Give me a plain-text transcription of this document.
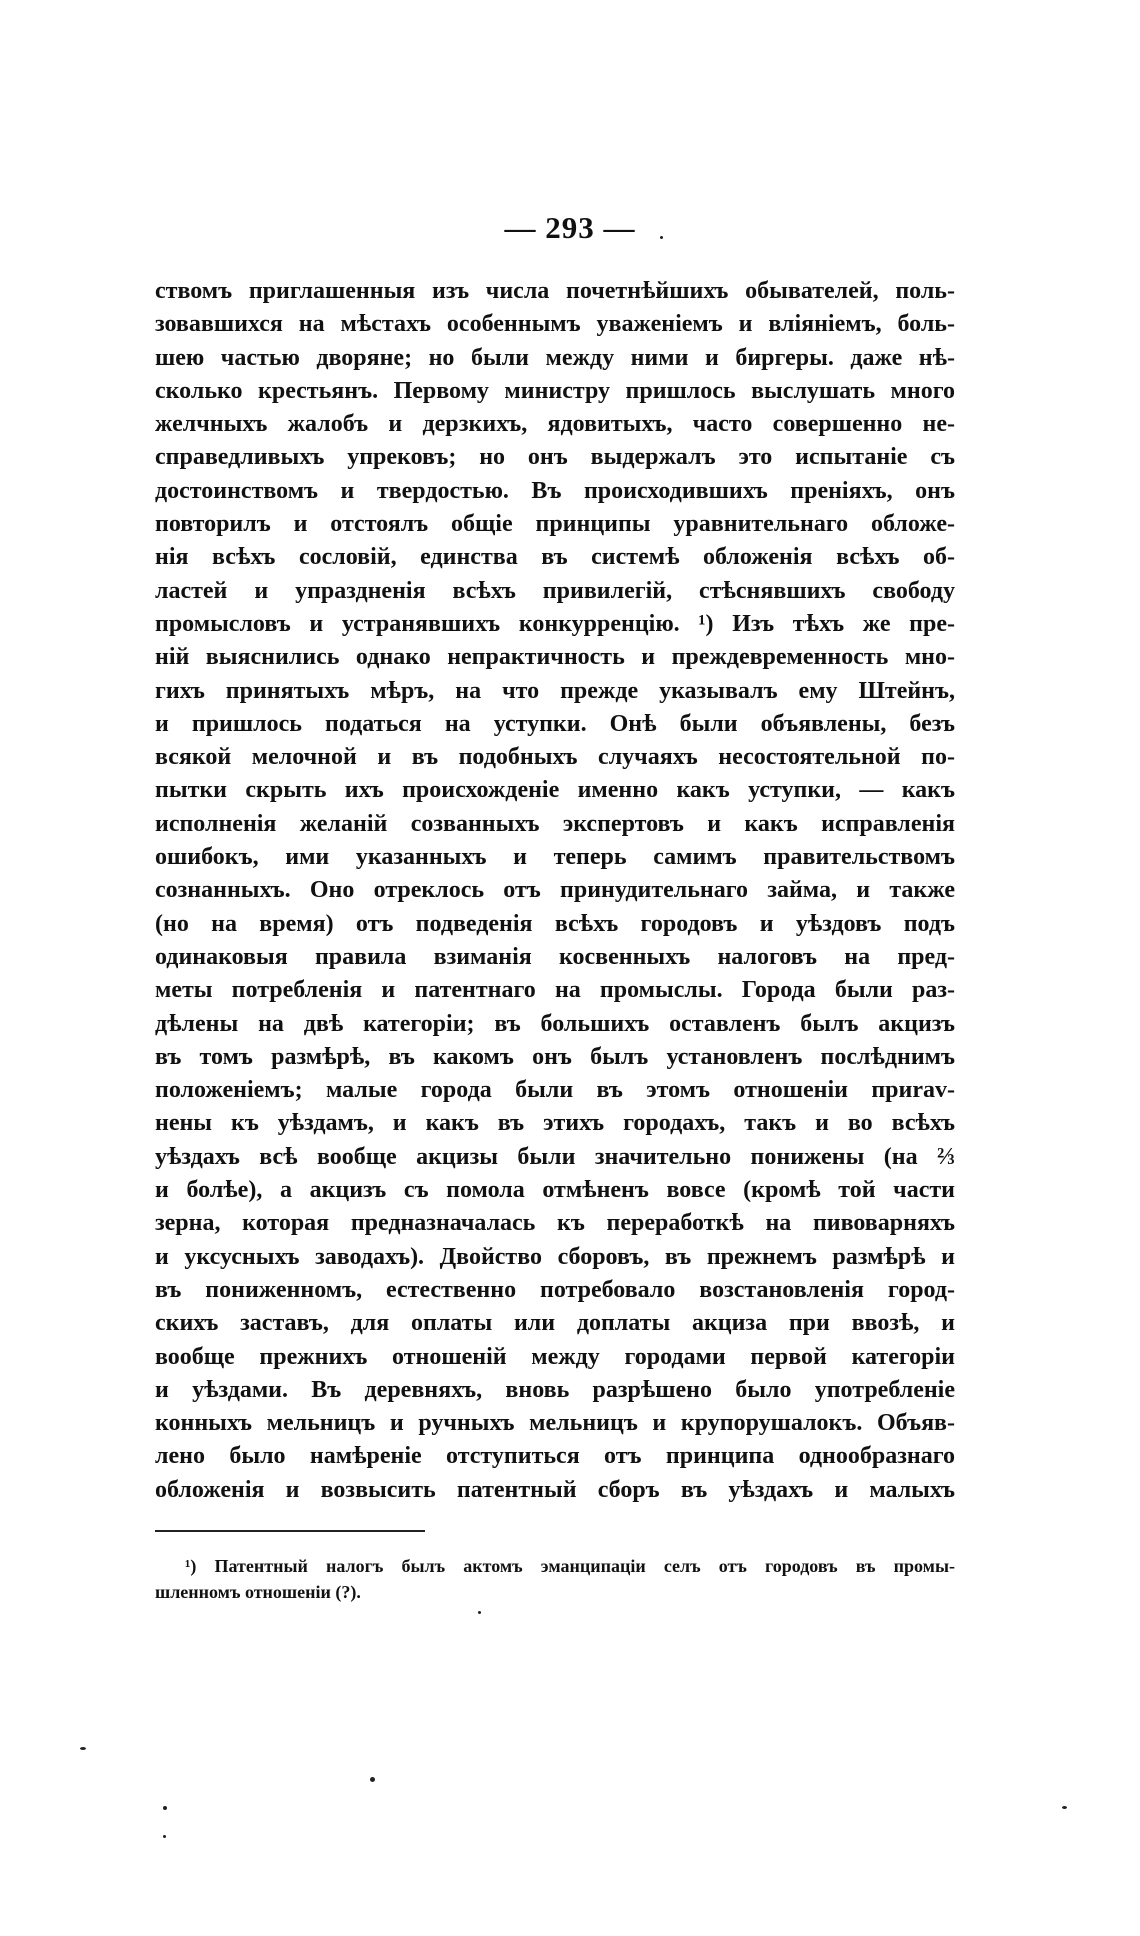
— 293 —
ствомъ приглашенныя изъ числа почетнѣйшихъ обывателей, поль-
зовавшихся на мѣстахъ особеннымъ уваженіемъ и вліяніемъ, боль-
шею частью дворяне; но были между ними и биргеры. даже нѣ-
сколько крестьянъ. Первому министру пришлось выслушать много
желчныхъ жалобъ и дерзкихъ, ядовитыхъ, часто совершенно не-
справедливыхъ упрековъ; но онъ выдержалъ это испытаніе съ
достоинствомъ и твердостью. Въ происходившихъ преніяхъ, онъ
повторилъ и отстоялъ общіе принципы уравнительнаго обложе-
нія всѣхъ сословій, единства въ системѣ обложенія всѣхъ об-
ластей и упраздненія всѣхъ привилегій, стѣснявшихъ свободу
промысловъ и устранявшихъ конкурренцію. ¹) Изъ тѣхъ же пре-
ній выяснились однако непрактичность и преждевременность мно-
гихъ принятыхъ мѣръ, на что прежде указывалъ ему Штейнъ,
и пришлось податься на уступки. Онѣ были объявлены, безъ
всякой мелочной и въ подобныхъ случаяхъ несостоятельной по-
пытки скрыть ихъ происхожденіе именно какъ уступки, — какъ
исполненія желаній созванныхъ экспертовъ и какъ исправленія
ошибокъ, ими указанныхъ и теперь самимъ правительствомъ
сознанныхъ. Оно отреклось отъ принудительнаго займа, и также
(но на время) отъ подведенія всѣхъ городовъ и уѣздовъ подъ
одинаковыя правила взиманія косвенныхъ налоговъ на пред-
меты потребленія и патентнаго на промыслы. Города были раз-
дѣлены на двѣ категоріи; въ большихъ оставленъ былъ акцизъ
въ томъ размѣрѣ, въ какомъ онъ былъ установленъ послѣднимъ
положеніемъ; малые города были въ этомъ отношеніи приrav-
нены къ уѣздамъ, и какъ въ этихъ городахъ, такъ и во всѣхъ
уѣздахъ всѣ вообще акцизы были значительно понижены (на ⅔
и болѣе), а акцизъ съ помола отмѣненъ вовсе (кромѣ той части
зерна, которая предназначалась къ переработкѣ на пивоварняхъ
и уксусныхъ заводахъ). Двойство сборовъ, въ прежнемъ размѣрѣ и
въ пониженномъ, естественно потребовало возстановленія город-
скихъ заставъ, для оплаты или доплаты акциза при ввозѣ, и
вообще прежнихъ отношеній между городами первой категоріи
и уѣздами. Въ деревняхъ, вновь разрѣшено было употребленіе
конныхъ мельницъ и ручныхъ мельницъ и крупорушалокъ. Объяв-
лено было намѣреніе отступиться отъ принципа однообразнаго
обложенія и возвысить патентный сборъ въ уѣздахъ и малыхъ
¹) Патентный налогъ былъ актомъ эманципаціи селъ отъ городовъ въ промы-
шленномъ отношеніи (?).
